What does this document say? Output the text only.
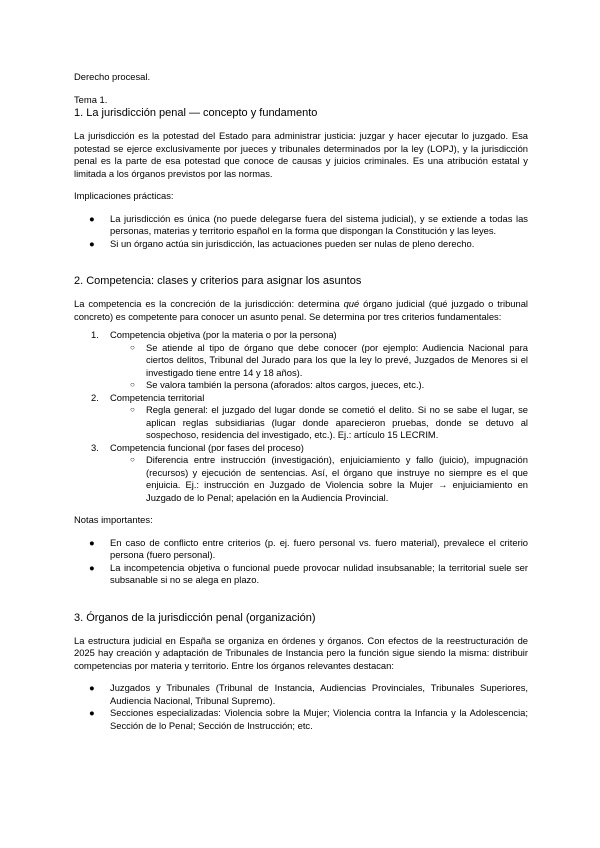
Derecho procesal.

Tema 1.

1. La jurisdicción penal — concepto y fundamento

La jurisdicción es la potestad del Estado para administrar justicia: juzgar y hacer ejecutar lo juzgado. Esa potestad se ejerce exclusivamente por jueces y tribunales determinados por la ley (LOPJ), y la jurisdicción penal es la parte de esa potestad que conoce de causas y juicios criminales. Es una atribución estatal y limitada a los órganos previstos por las normas.

Implicaciones prácticas:

● La jurisdicción es única (no puede delegarse fuera del sistema judicial), y se extiende a todas las personas, materias y territorio español en la forma que dispongan la Constitución y las leyes.
● Si un órgano actúa sin jurisdicción, las actuaciones pueden ser nulas de pleno derecho.

2. Competencia: clases y criterios para asignar los asuntos

La competencia es la concreción de la jurisdicción: determina qué órgano judicial (qué juzgado o tribunal concreto) es competente para conocer un asunto penal. Se determina por tres criterios fundamentales:

1. Competencia objetiva (por la materia o por la persona)
○ Se atiende al tipo de órgano que debe conocer (por ejemplo: Audiencia Nacional para ciertos delitos, Tribunal del Jurado para los que la ley lo prevé, Juzgados de Menores si el investigado tiene entre 14 y 18 años).
○ Se valora también la persona (aforados: altos cargos, jueces, etc.).
2. Competencia territorial
○ Regla general: el juzgado del lugar donde se cometió el delito. Si no se sabe el lugar, se aplican reglas subsidiarias (lugar donde aparecieron pruebas, donde se detuvo al sospechoso, residencia del investigado, etc.). Ej.: artículo 15 LECRIM.
3. Competencia funcional (por fases del proceso)
○ Diferencia entre instrucción (investigación), enjuiciamiento y fallo (juicio), impugnación (recursos) y ejecución de sentencias. Así, el órgano que instruye no siempre es el que enjuicia. Ej.: instrucción en Juzgado de Violencia sobre la Mujer → enjuiciamiento en Juzgado de lo Penal; apelación en la Audiencia Provincial.

Notas importantes:

● En caso de conflicto entre criterios (p. ej. fuero personal vs. fuero material), prevalece el criterio persona (fuero personal).
● La incompetencia objetiva o funcional puede provocar nulidad insubsanable; la territorial suele ser subsanable si no se alega en plazo.

3. Órganos de la jurisdicción penal (organización)

La estructura judicial en España se organiza en órdenes y órganos. Con efectos de la reestructuración de 2025 hay creación y adaptación de Tribunales de Instancia pero la función sigue siendo la misma: distribuir competencias por materia y territorio. Entre los órganos relevantes destacan:

● Juzgados y Tribunales (Tribunal de Instancia, Audiencias Provinciales, Tribunales Superiores, Audiencia Nacional, Tribunal Supremo).
● Secciones especializadas: Violencia sobre la Mujer; Violencia contra la Infancia y la Adolescencia; Sección de lo Penal; Sección de Instrucción; etc.
